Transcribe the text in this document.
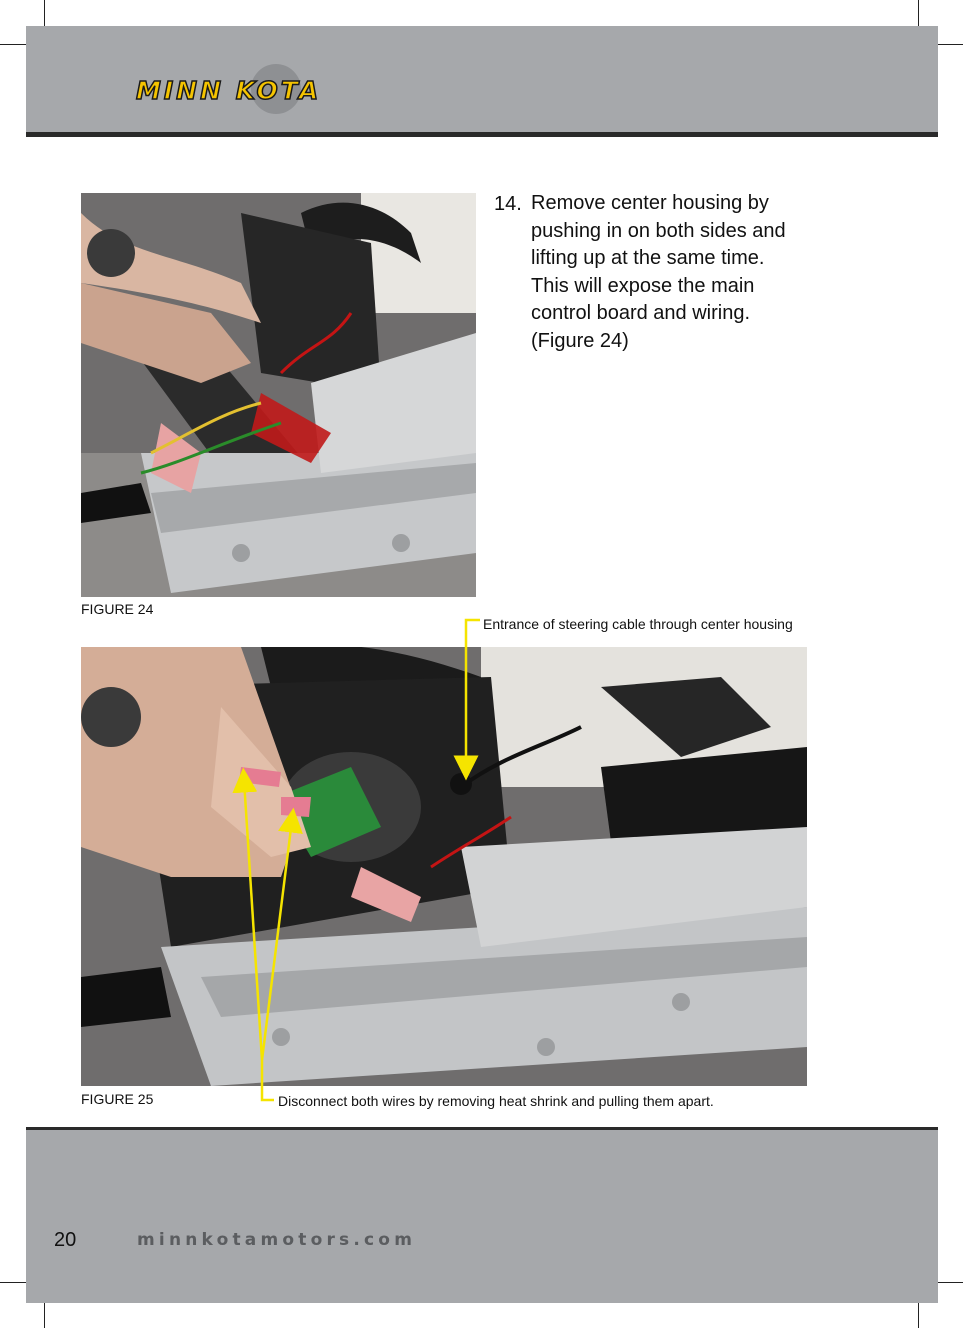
MINN KOTA
FIGURE 24
14. Remove center housing by pushing in on both sides and lifting up at the same time. This will expose the main control board and wiring. (Figure 24)

FIGURE 25
Entrance of steering cable through center housing
Disconnect both wires by removing heat shrink and pulling them apart.
20	minnkotamotors.com
